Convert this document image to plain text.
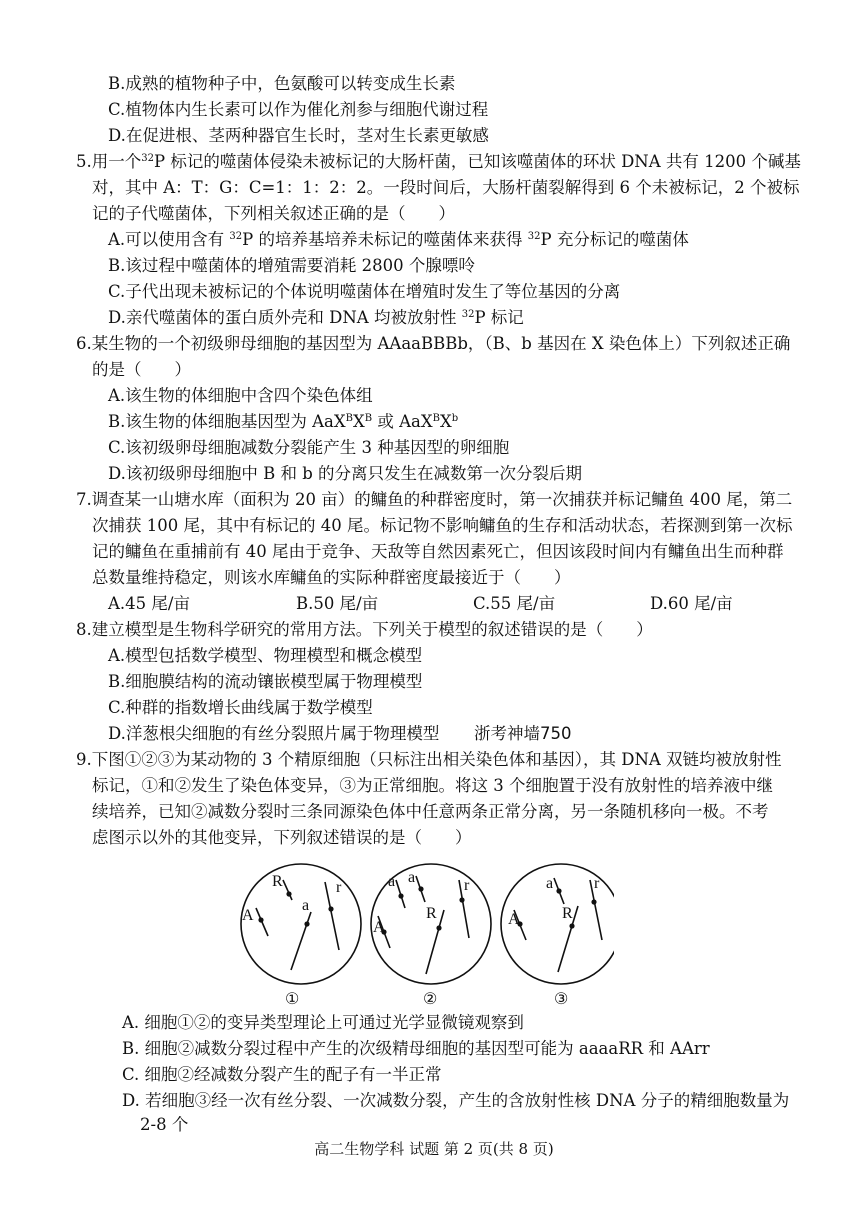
B.成熟的植物种子中，色氨酸可以转变成生长素
C.植物体内生长素可以作为催化剂参与细胞代谢过程
D.在促进根、茎两种器官生长时，茎对生长素更敏感
5.用一个$^{32}$P 标记的噬菌体侵染未被标记的大肠杆菌，已知该噬菌体的环状 DNA 共有 1200 个碱基
对，其中 A：T：G：C=1：1：2：2。一段时间后，大肠杆菌裂解得到 6 个未被标记，2 个被标
记的子代噬菌体，下列相关叙述正确的是（　　）
A.可以使用含有 $^{32}$P 的培养基培养未标记的噬菌体来获得 $^{32}$P 充分标记的噬菌体
B.该过程中噬菌体的增殖需要消耗 2800 个腺嘌呤
C.子代出现未被标记的个体说明噬菌体在增殖时发生了等位基因的分离
D.亲代噬菌体的蛋白质外壳和 DNA 均被放射性 $^{32}$P 标记
6.某生物的一个初级卵母细胞的基因型为 AAaaBBBb，（B、b 基因在 X 染色体上）下列叙述正确
的是（　　）
A.该生物的体细胞中含四个染色体组
B.该生物的体细胞基因型为 $AaX^BX^B$ 或 $AaX^BX^b$
C.该初级卵母细胞减数分裂能产生 3 种基因型的卵细胞
D.该初级卵母细胞中 B 和 b 的分离只发生在减数第一次分裂后期
7.调查某一山塘水库（面积为 20 亩）的鳙鱼的种群密度时，第一次捕获并标记鳙鱼 400 尾，第二
次捕获 100 尾，其中有标记的 40 尾。标记物不影响鳙鱼的生存和活动状态，若探测到第一次标
记的鳙鱼在重捕前有 40 尾由于竞争、天敌等自然因素死亡，但因该段时间内有鳙鱼出生而种群
总数量维持稳定，则该水库鳙鱼的实际种群密度最接近于（　　）
A.45 尾/亩	B.50 尾/亩	C.55 尾/亩	D.60 尾/亩
8.建立模型是生物科学研究的常用方法。下列关于模型的叙述错误的是（　　）
A.模型包括数学模型、物理模型和概念模型
B.细胞膜结构的流动镶嵌模型属于物理模型
C.种群的指数增长曲线属于数学模型
D.洋葱根尖细胞的有丝分裂照片属于物理模型 浙考神墙750
9.下图①②③为某动物的 3 个精原细胞（只标注出相关染色体和基因），其 DNA 双链均被放射性
标记，①和②发生了染色体变异，③为正常细胞。将这 3 个细胞置于没有放射性的培养液中继
续培养，已知②减数分裂时三条同源染色体中任意两条正常分离，另一条随机移向一极。不考
虑图示以外的其他变异，下列叙述错误的是（　　）
R
A
a
r
①
a a	r
A
R
②
a	r
A	R
③
A. 细胞①②的变异类型理论上可通过光学显微镜观察到
B. 细胞②减数分裂过程中产生的次级精母细胞的基因型可能为 aaaaRR 和 AArr
C. 细胞②经减数分裂产生的配子有一半正常
D. 若细胞③经一次有丝分裂、一次减数分裂，产生的含放射性核 DNA 分子的精细胞数量为
2-8 个
高二生物学科 试题 第 2 页(共 8 页)
